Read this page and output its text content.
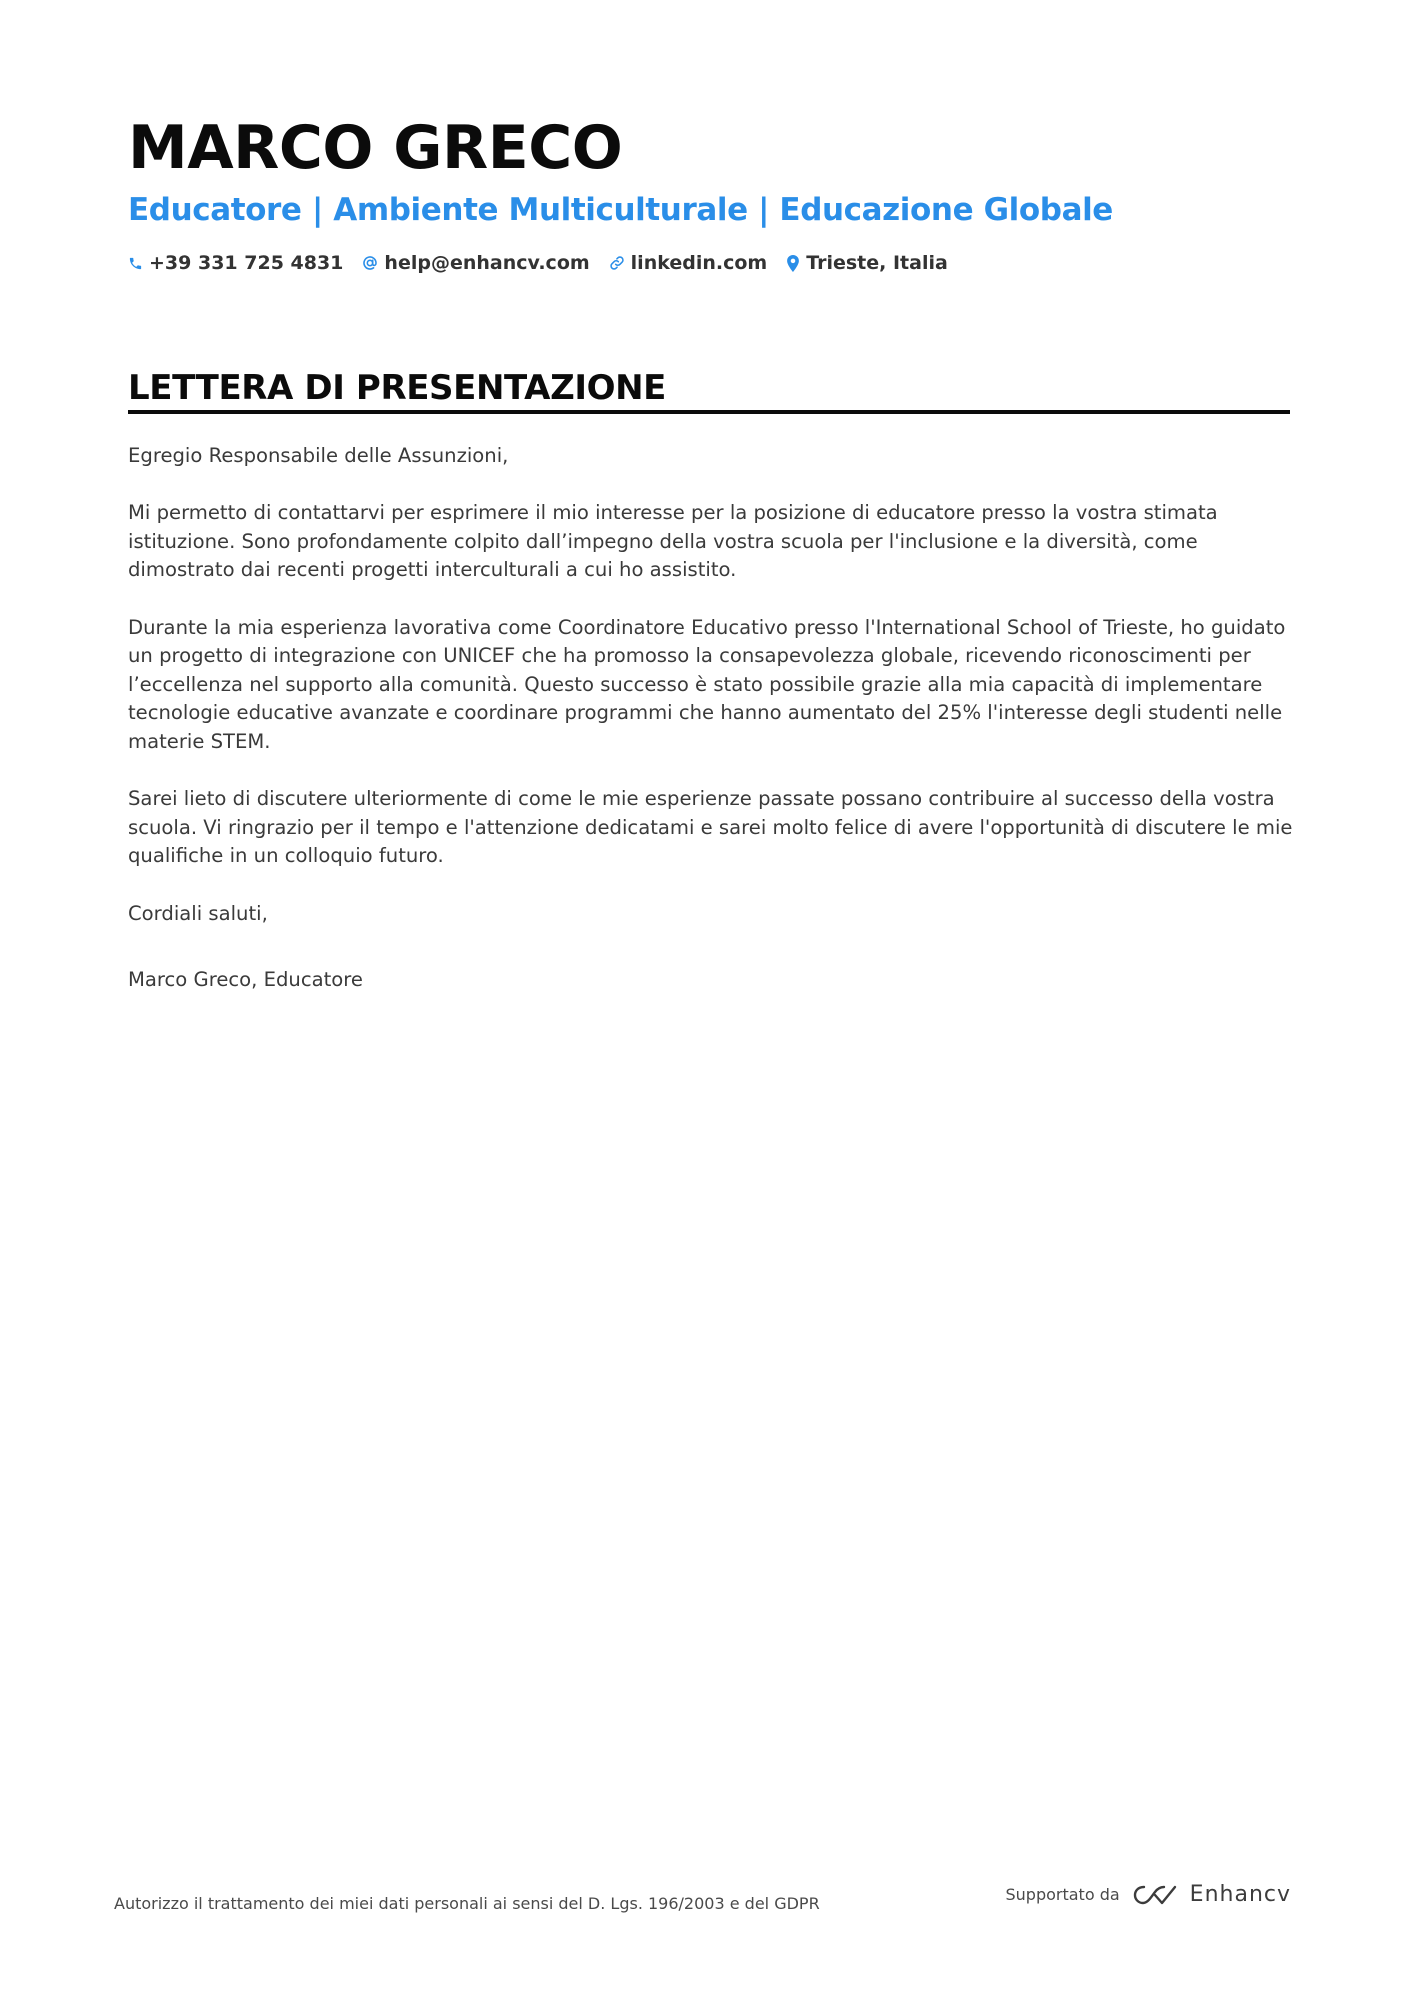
MARCO GRECO
Educatore | Ambiente Multiculturale | Educazione Globale
+39 331 725 4831 help@enhancv.com linkedin.com Trieste, Italia
LETTERA DI PRESENTAZIONE

Egregio Responsabile delle Assunzioni,

Mi permetto di contattarvi per esprimere il mio interesse per la posizione di educatore presso la vostra stimata istituzione. Sono profondamente colpito dall’impegno della vostra scuola per l'inclusione e la diversità, come dimostrato dai recenti progetti interculturali a cui ho assistito.

Durante la mia esperienza lavorativa come Coordinatore Educativo presso l'International School of Trieste, ho guidato un progetto di integrazione con UNICEF che ha promosso la consapevolezza globale, ricevendo riconoscimenti per l’eccellenza nel supporto alla comunità. Questo successo è stato possibile grazie alla mia capacità di implementare tecnologie educative avanzate e coordinare programmi che hanno aumentato del 25% l'interesse degli studenti nelle materie STEM.

Sarei lieto di discutere ulteriormente di come le mie esperienze passate possano contribuire al successo della vostra scuola. Vi ringrazio per il tempo e l'attenzione dedicatami e sarei molto felice di avere l'opportunità di discutere le mie qualifiche in un colloquio futuro.

Cordiali saluti,

Marco Greco, Educatore

Autorizzo il trattamento dei miei dati personali ai sensi del D. Lgs. 196/2003 e del GDPR	Supportato da	Enhancv
